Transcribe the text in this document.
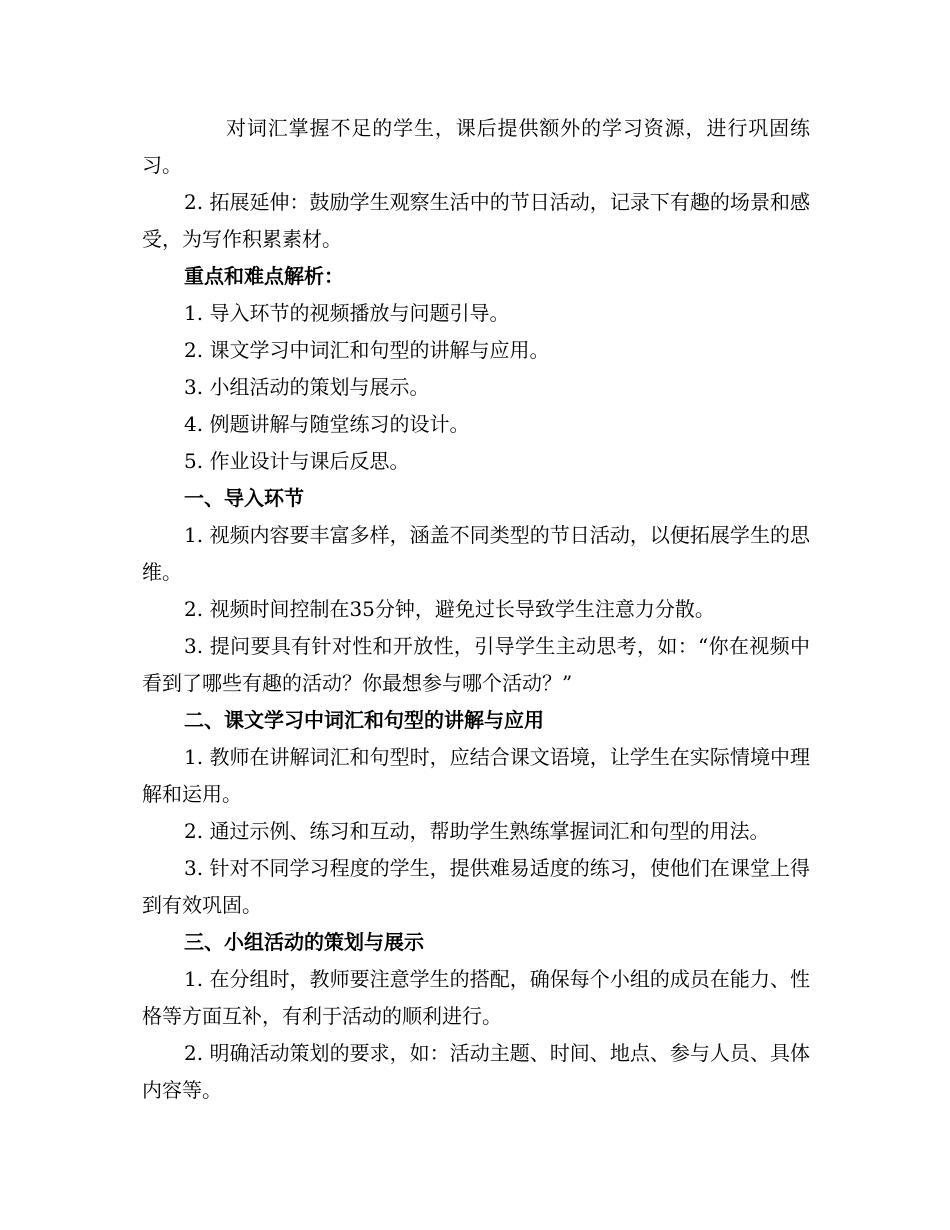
对词汇掌握不足的学生，课后提供额外的学习资源，进行巩固练习。

2. 拓展延伸：鼓励学生观察生活中的节日活动，记录下有趣的场景和感受，为写作积累素材。

重点和难点解析：

1. 导入环节的视频播放与问题引导。

2. 课文学习中词汇和句型的讲解与应用。

3. 小组活动的策划与展示。

4. 例题讲解与随堂练习的设计。

5. 作业设计与课后反思。

一、导入环节

1. 视频内容要丰富多样，涵盖不同类型的节日活动，以便拓展学生的思维。

2. 视频时间控制在35分钟，避免过长导致学生注意力分散。

3. 提问要具有针对性和开放性，引导学生主动思考，如：“你在视频中看到了哪些有趣的活动？你最想参与哪个活动？”

二、课文学习中词汇和句型的讲解与应用

1. 教师在讲解词汇和句型时，应结合课文语境，让学生在实际情境中理解和运用。

2. 通过示例、练习和互动，帮助学生熟练掌握词汇和句型的用法。

3. 针对不同学习程度的学生，提供难易适度的练习，使他们在课堂上得到有效巩固。

三、小组活动的策划与展示

1. 在分组时，教师要注意学生的搭配，确保每个小组的成员在能力、性格等方面互补，有利于活动的顺利进行。

2. 明确活动策划的要求，如：活动主题、时间、地点、参与人员、具体内容等。
